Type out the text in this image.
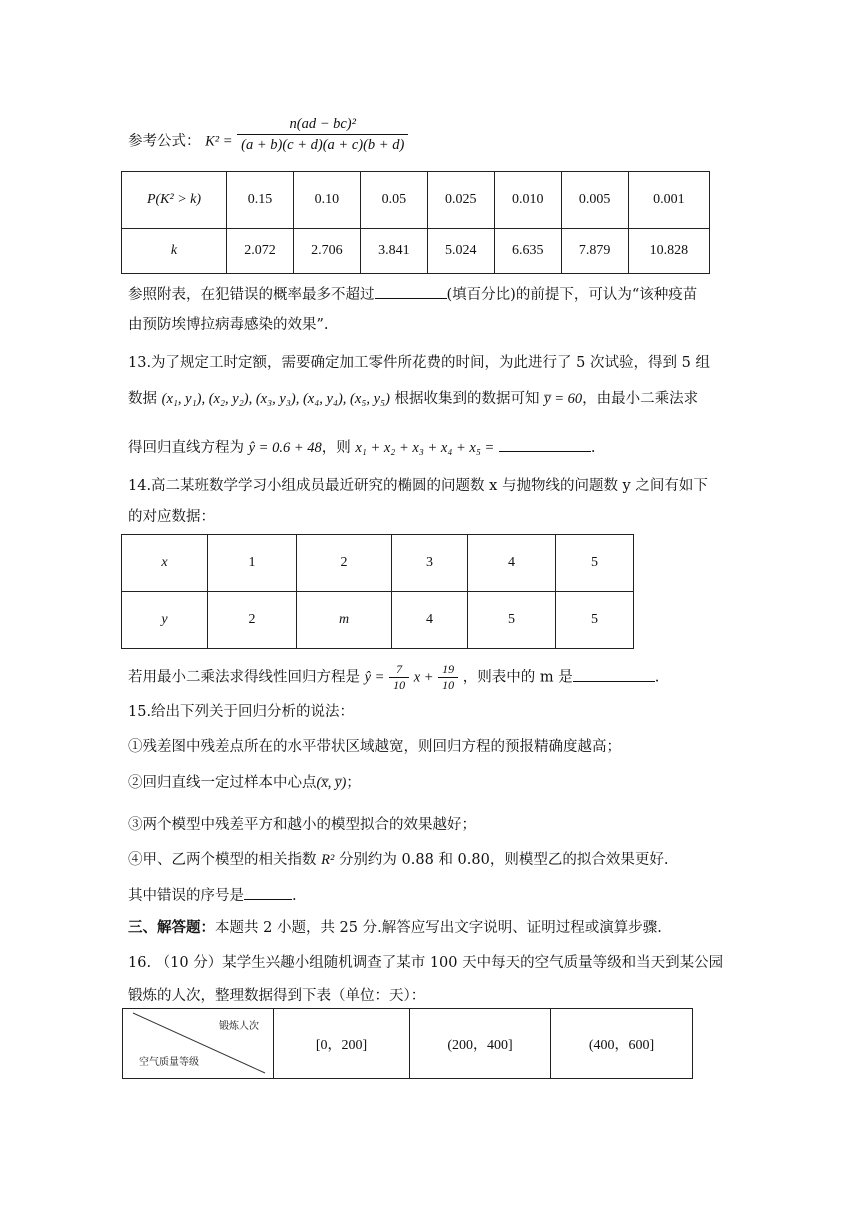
参考公式： $K^2 = \frac{\text{n(ad − bc)²}}{(a + b)(c + d)(a + c)(b + d)}$
P(K² > k)	0.15	0.10	0.05	0.025	0.010	0.005	0.001
k	2.072	2.706	3.841	5.024	6.635	7.879	10.828
参照附表，在犯错误的概率最多不超过	(填百分比)的前提下，可认为“该种疫苗
由预防埃博拉病毒感染的效果”.
13.为了规定工时定额，需要确定加工零件所花费的时间，为此进行了 5 次试验，得到 5 组
数据 (x₁, y₁), (x₂, y₂), (x₃, y₃), (x₄, y₄), (x₅, y₅) 根据收集到的数据可知 y̅ = 60，由最小二乘法求
得回归直线方程为 ŷ = 0.6 + 48，则 x₁ + x₂ + x₃ + x₄ + x₅ =	.
14.高二某班数学学习小组成员最近研究的椭圆的问题数 x 与抛物线的问题数 y 之间有如下
的对应数据：
x	1	2	3	4	5
y	2	m	4	5	5
若用最小二乘法求得线性回归方程是 ŷ = $\frac{7}{10}$ $x + \frac{19}{10}$ ，则表中的 m 是	.
15.给出下列关于回归分析的说法：
①残差图中残差点所在的水平带状区域越宽，则回归方程的预报精确度越高；
②回归直线一定过样本中心点(x̅, y̅)；
③两个模型中残差平方和越小的模型拟合的效果越好；
④甲、乙两个模型的相关指数 R² 分别约为 0.88 和 0.80，则模型乙的拟合效果更好.
其中错误的序号是	.
三、解答题：本题共 2 小题，共 25 分.解答应写出文字说明、证明过程或演算步骤.
16. （10 分）某学生兴趣小组随机调查了某市 100 天中每天的空气质量等级和当天到某公园
锻炼的人次，整理数据得到下表（单位：天）：
锻炼人次
空气质量等级
	[0，200]	(200，400]	(400，600]
